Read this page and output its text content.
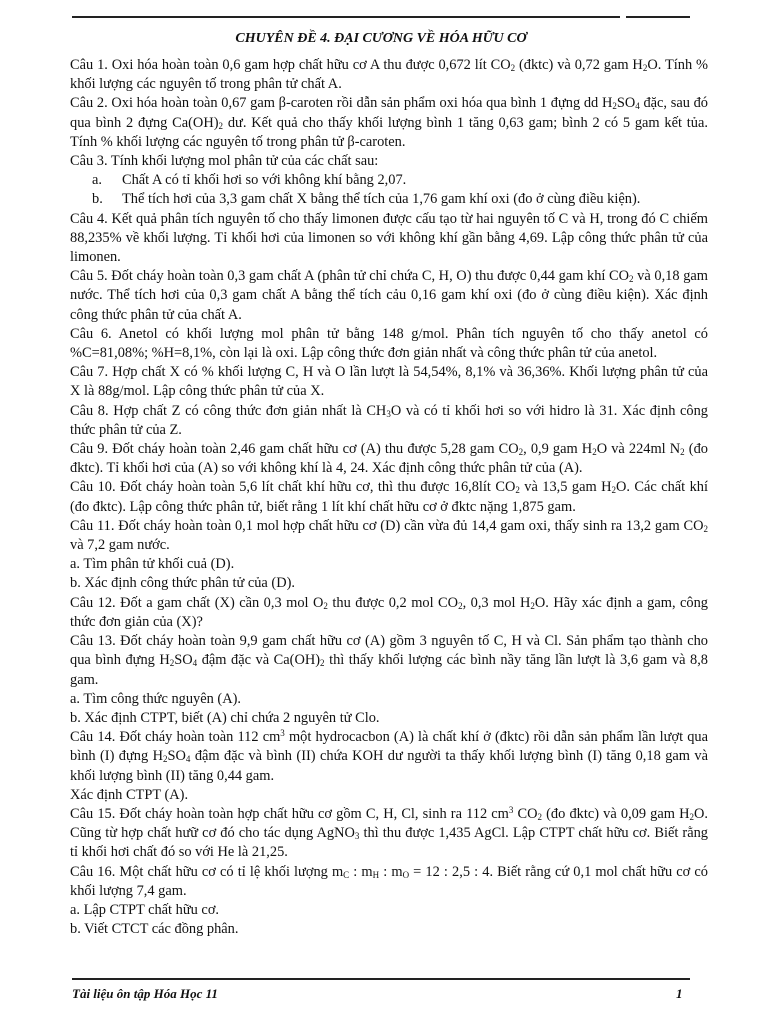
CHUYÊN ĐỀ 4. ĐẠI CƯƠNG VỀ HÓA HỮU CƠ

Câu 1. Oxi hóa hoàn toàn 0,6 gam hợp chất hữu cơ A thu được 0,672 lít $CO_2$ (đktc) và 0,72 gam $H_2O$. Tính % khối lượng các nguyên tố trong phân tử chất A.

Câu 2. Oxi hóa hoàn toàn 0,67 gam β-caroten rồi dẫn sản phẩm oxi hóa qua bình 1 đựng dd $H_2SO_4$ đặc, sau đó qua bình 2 đựng $Ca(OH)_2$ dư. Kết quả cho thấy khối lượng bình 1 tăng 0,63 gam; bình 2 có 5 gam kết tủa. Tính % khối lượng các nguyên tố trong phân tử β-caroten.

Câu 3. Tính khối lượng mol phân tử của các chất sau:

a. Chất A có tỉ khối hơi so với không khí bằng 2,07.

b. Thể tích hơi của 3,3 gam chất X bằng thể tích của 1,76 gam khí oxi (đo ở cùng điều kiện).

Câu 4. Kết quả phân tích nguyên tố cho thấy limonen được cấu tạo từ hai nguyên tố C và H, trong đó C chiếm 88,235% về khối lượng. Tỉ khối hơi của limonen so với không khí gần bằng 4,69. Lập công thức phân tử của limonen.

Câu 5. Đốt cháy hoàn toàn 0,3 gam chất A (phân tử chỉ chứa C, H, O) thu được 0,44 gam khí $CO_2$ và 0,18 gam nước. Thể tích hơi của 0,3 gam chất A bằng thể tích cảu 0,16 gam khí oxi (đo ở cùng điều kiện). Xác định công thức phân tử của chất A.

Câu 6. Anetol có khối lượng mol phân tử bằng 148 g/mol. Phân tích nguyên tố cho thấy anetol có %C=81,08%; %H=8,1%, còn lại là oxi. Lập công thức đơn giản nhất và công thức phân tử của anetol.

Câu 7. Hợp chất X có % khối lượng C, H và O lần lượt là 54,54%, 8,1% và 36,36%. Khối lượng phân tử của X là 88g/mol. Lập công thức phân tử của X.

Câu 8. Hợp chất Z có công thức đơn giản nhất là $CH_3O$ và có tỉ khối hơi so với hidro là 31. Xác định công thức phân tử của Z.

Câu 9. Đốt cháy hoàn toàn 2,46 gam chất hữu cơ (A) thu được 5,28 gam $CO_2$, 0,9 gam $H_2O$ và 224ml $N_2$ (đo đktc). Tỉ khối hơi của (A) so với không khí là 4, 24. Xác định công thức phân tử của (A).

Câu 10. Đốt cháy hoàn toàn 5,6 lít chất khí hữu cơ, thì thu được 16,8lít $CO_2$ và 13,5 gam $H_2O$. Các chất khí (đo đktc). Lập công thức phân tử, biết rằng 1 lít khí chất hữu cơ ở đktc nặng 1,875 gam.

Câu 11. Đốt cháy hoàn toàn 0,1 mol hợp chất hữu cơ (D) cần vừa đủ 14,4 gam oxi, thấy sinh ra 13,2 gam $CO_2$ và 7,2 gam nước.

a. Tìm phân tử khối cuả (D).

b. Xác định công thức phân tử của (D).

Câu 12. Đốt a gam chất (X) cần 0,3 mol $O_2$ thu được 0,2 mol $CO_2$, 0,3 mol $H_2O$. Hãy xác định a gam, công thức đơn giản của (X)?

Câu 13. Đốt cháy hoàn toàn 9,9 gam chất hữu cơ (A) gồm 3 nguyên tố C, H và Cl. Sản phẩm tạo thành cho qua bình đựng $H_2SO_4$ đậm đặc và $Ca(OH)_2$ thì thấy khối lượng các bình nầy tăng lần lượt là 3,6 gam và 8,8 gam.

a. Tìm công thức nguyên (A).

b. Xác định CTPT, biết (A) chỉ chứa 2 nguyên tử Clo.

Câu 14. Đốt cháy hoàn toàn 112 $cm^3$ một hydrocacbon (A) là chất khí ở (đktc) rồi dẫn sản phẩm lần lượt qua bình (I) đựng $H_2SO_4$ đậm đặc và bình (II) chứa KOH dư người ta thấy khối lượng bình (I) tăng 0,18 gam và khối lượng bình (II) tăng 0,44 gam.

Xác định CTPT (A).

Câu 15. Đốt cháy hoàn toàn hợp chất hữu cơ gồm C, H, Cl, sinh ra 112 $cm^3$ $CO_2$ (đo đktc) và 0,09 gam $H_2O$. Cũng từ hợp chất hưữ cơ đó cho tác dụng AgNO$_3$ thì thu được 1,435 AgCl. Lập CTPT chất hữu cơ. Biết rằng tỉ khối hơi chất đó so với He là 21,25.

Câu 16. Một chất hữu cơ có tỉ lệ khối lượng $m_C$ : $m_H$ : $m_O = 12$ : 2,5 : 4. Biết rằng cứ 0,1 mol chất hữu cơ có khối lượng 7,4 gam.

a. Lập CTPT chất hữu cơ.

b. Viết CTCT các đồng phân.

Tài liệu ôn tập Hóa Học 11	1
